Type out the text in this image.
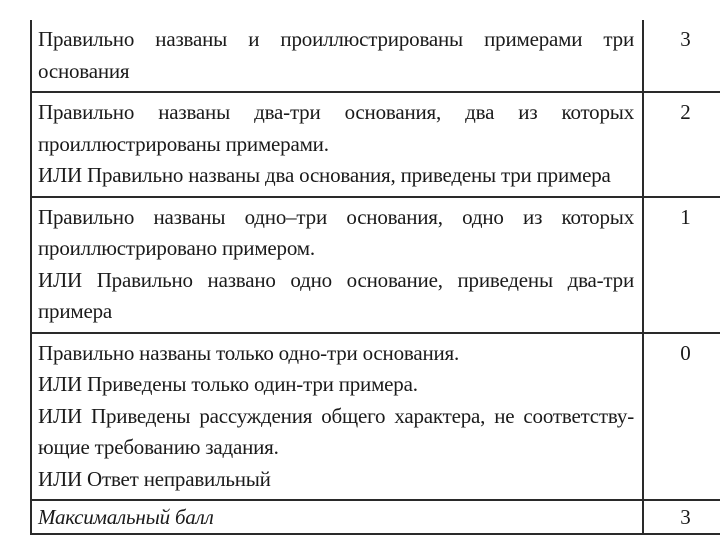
Правильно названы и проиллюстрированы примерами три
основания	3

Правильно названы два-три основания, два из которых
проиллюстрированы примерами.
ИЛИ Правильно названы два основания, приведены три примера	2

Правильно названы одно–три основания, одно из которых
проиллюстрировано примером.
ИЛИ Правильно названо одно основание, приведены два-три
примера	1

Правильно названы только одно-три основания.
ИЛИ Приведены только один-три примера.
ИЛИ Приведены рассуждения общего характера, не соответству-
ющие требованию задания.
ИЛИ Ответ неправильный	0
Максимальный балл	3
